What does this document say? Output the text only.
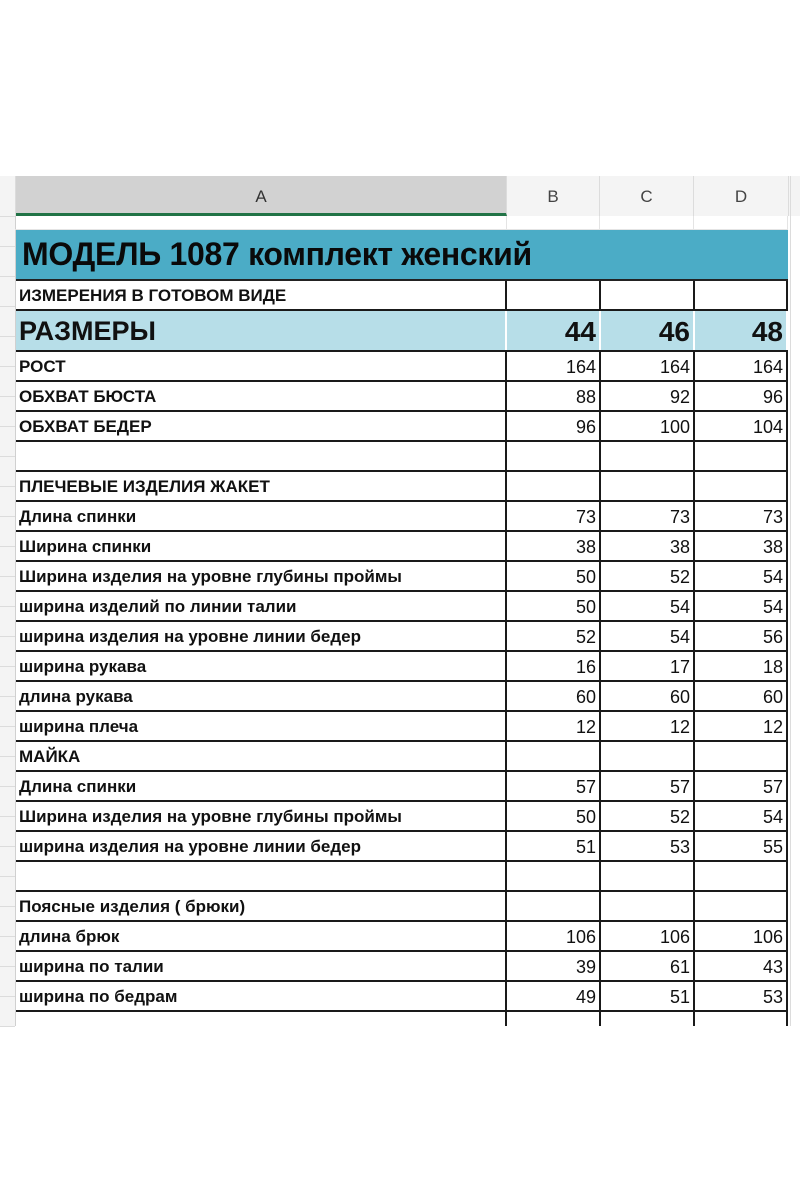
A	B	C	D
МОДЕЛЬ 1087 комплект женский
ИЗМЕРЕНИЯ В ГОТОВОМ ВИДЕ
РАЗМЕРЫ	44	46	48
РОСТ	164	164	164
ОБХВАТ БЮСТА	88	92	96
ОБХВАТ БЕДЕР	96	100	104
ПЛЕЧЕВЫЕ ИЗДЕЛИЯ ЖАКЕТ
Длина спинки	73	73	73
Ширина спинки	38	38	38
Ширина изделия на уровне глубины проймы	50	52	54
ширина изделий по линии талии	50	54	54
ширина изделия на уровне линии бедер	52	54	56
ширина рукава	16	17	18
длина рукава	60	60	60
ширина плеча	12	12	12
МАЙКА
Длина спинки	57	57	57
Ширина изделия на уровне глубины проймы	50	52	54
ширина изделия на уровне линии бедер	51	53	55
Поясные изделия ( брюки)
длина брюк	106	106	106
ширина по талии	39	61	43
ширина по бедрам	49	51	53
